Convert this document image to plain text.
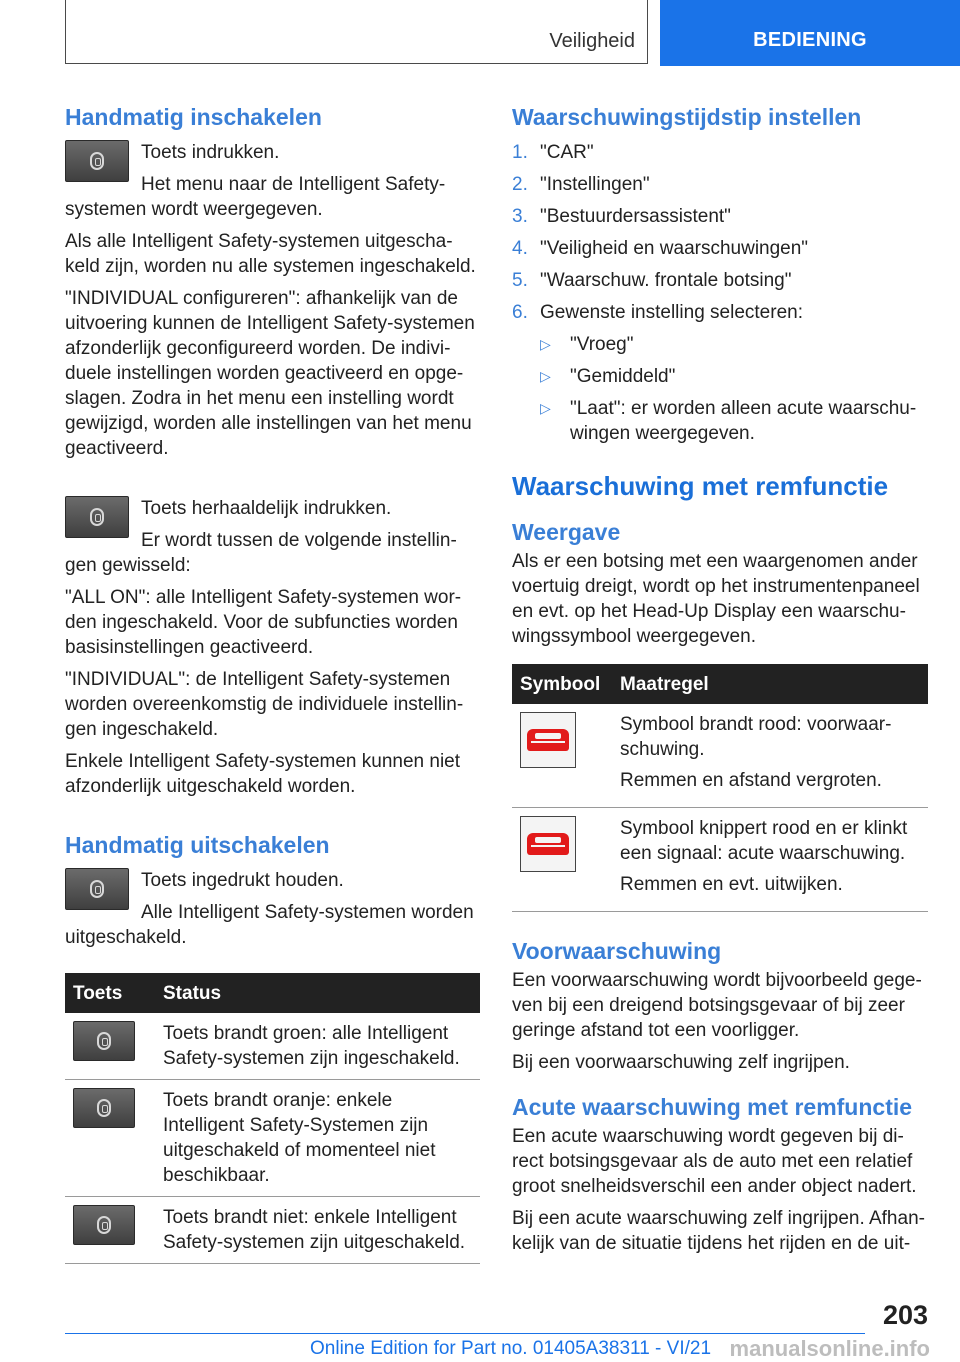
Veiligheid	BEDIENING
Handmatig inschakelen

Toets indrukken.

Het menu naar de Intelligent Safety-systemen wordt weergegeven.

Als alle Intelligent Safety-systemen uitgeschakeld zijn, worden nu alle systemen ingeschakeld.

"INDIVIDUAL configureren": afhankelijk van de uitvoering kunnen de Intelligent Safety-systemen afzonderlijk geconfigureerd worden. De individuele instellingen worden geactiveerd en opgeslagen. Zodra in het menu een instelling wordt gewijzigd, worden alle instellingen van het menu geactiveerd.

Toets herhaaldelijk indrukken.

Er wordt tussen de volgende instellingen gewisseld:

"ALL ON": alle Intelligent Safety-systemen worden ingeschakeld. Voor de subfuncties worden basisinstellingen geactiveerd.

"INDIVIDUAL": de Intelligent Safety-systemen worden overeenkomstig de individuele instellingen ingeschakeld.

Enkele Intelligent Safety-systemen kunnen niet afzonderlijk uitgeschakeld worden.

Handmatig uitschakelen

Toets ingedrukt houden.

Alle Intelligent Safety-systemen worden uitgeschakeld.

Toets	Status

	Toets brandt groen: alle Intelligent Safety-systemen zijn ingeschakeld.

	Toets brandt oranje: enkele Intelligent Safety-Systemen zijn uitgeschakeld of momenteel niet beschikbaar.

	Toets brandt niet: enkele Intelligent Safety-systemen zijn uitgeschakeld.
Waarschuwingstijdstip instellen
1. "CAR"
2. "Instellingen"
3. "Bestuurdersassistent"
4. "Veiligheid en waarschuwingen"
5. "Waarschuw. frontale botsing"
6. Gewenste instelling selecteren:
▷ "Vroeg"
▷ "Gemiddeld"
▷ "Laat": er worden alleen acute waarschuwingen weergegeven.
Waarschuwing met remfunctie
Weergave

Als er een botsing met een waargenomen ander voertuig dreigt, wordt op het instrumentenpaneel en evt. op het Head-Up Display een waarschuwingssymbool weergegeven.

Symbool	Maatregel

	Symbool brandt rood: voorwaarschuwing.

Remmen en afstand vergroten.

	Symbool knippert rood en er klinkt een signaal: acute waarschuwing.

Remmen en evt. uitwijken.

Voorwaarschuwing

Een voorwaarschuwing wordt bijvoorbeeld gegeven bij een dreigend botsingsgevaar of bij zeer geringe afstand tot een voorligger.

Bij een voorwaarschuwing zelf ingrijpen.

Acute waarschuwing met remfunctie

Een acute waarschuwing wordt gegeven bij direct botsingsgevaar als de auto met een relatief groot snelheidsverschil een ander object nadert.

Bij een acute waarschuwing zelf ingrijpen. Afhankelijk van de situatie tijdens het rijden en de uit-

203
Online Edition for Part no. 01405A38311 - VI/21 manualsonline.info
